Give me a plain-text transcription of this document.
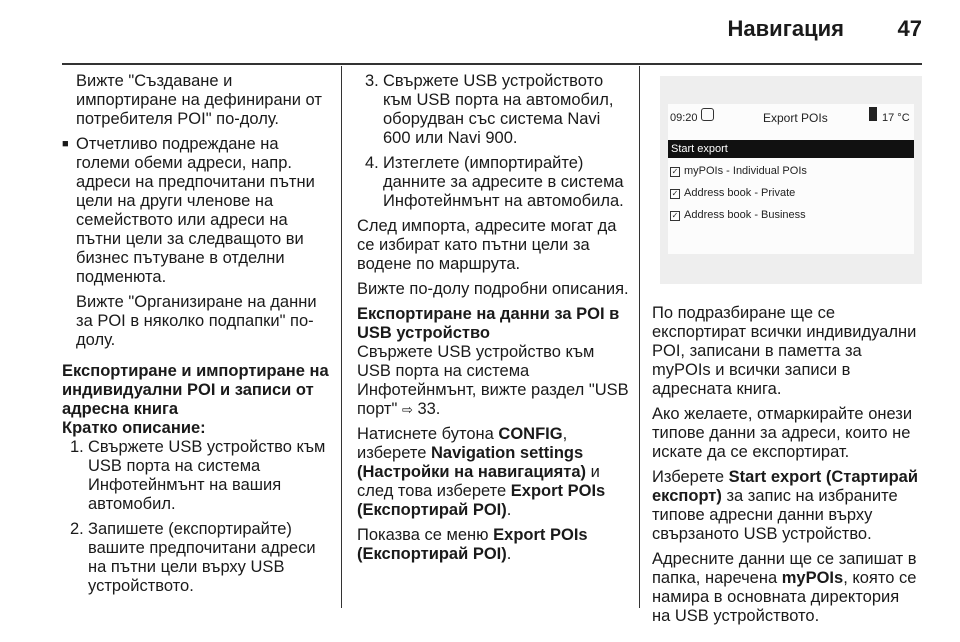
Навигация 47

Вижте "Създаване и импортиране на дефинирани от потребителя POI" по-долу.

■ Отчетливо подреждане на големи обеми адреси, напр. адреси на предпочитани пътни цели на други членове на семейството или адреси на пътни цели за следващото ви бизнес пътуване в отделни подменюта.

Вижте "Организиране на данни за POI в няколко подпапки" по-долу.

Експортиране и импортиране на индивидуални POI и записи от адресна книга

Кратко описание:

1. Свържете USB устройство към USB порта на система Инфотейнмънт на вашия автомобил.

2. Запишете (експортирайте) вашите предпочитани адреси на пътни цели върху USB устройството.

3. Свържете USB устройството към USB порта на автомобил, оборудван със система Navi 600 или Navi 900.

4. Изтеглете (импортирайте) данните за адресите в система Инфотейнмънт на автомобила.

След импорта, адресите могат да се избират като пътни цели за водене по маршрута.

Вижте по-долу подробни описания.

Експортиране на данни за POI в USB устройство

Свържете USB устройство към USB порта на система Инфотейнмънт, вижте раздел "USB порт" ⇨ 33.

Натиснете бутона CONFIG, изберете Navigation settings (Настройки на навигацията) и след това изберете Export POIs (Експортирай POI).

Показва се меню Export POIs (Експортирай POI).

09:20	Export POIs	17 °C
Start export
✓ myPOIs - Individual POIs
✓ Address book - Private
✓ Address book - Business

По подразбиране ще се експортират всички индивидуални POI, записани в паметта за myPOIs и всички записи в адресната книга.

Ако желаете, отмаркирайте онези типове данни за адреси, които не искате да се експортират.

Изберете Start export (Стартирай експорт) за запис на избраните типове адресни данни върху свързаното USB устройство.

Адресните данни ще се запишат в папка, наречена myPOIs, която се намира в основната директория на USB устройството.
